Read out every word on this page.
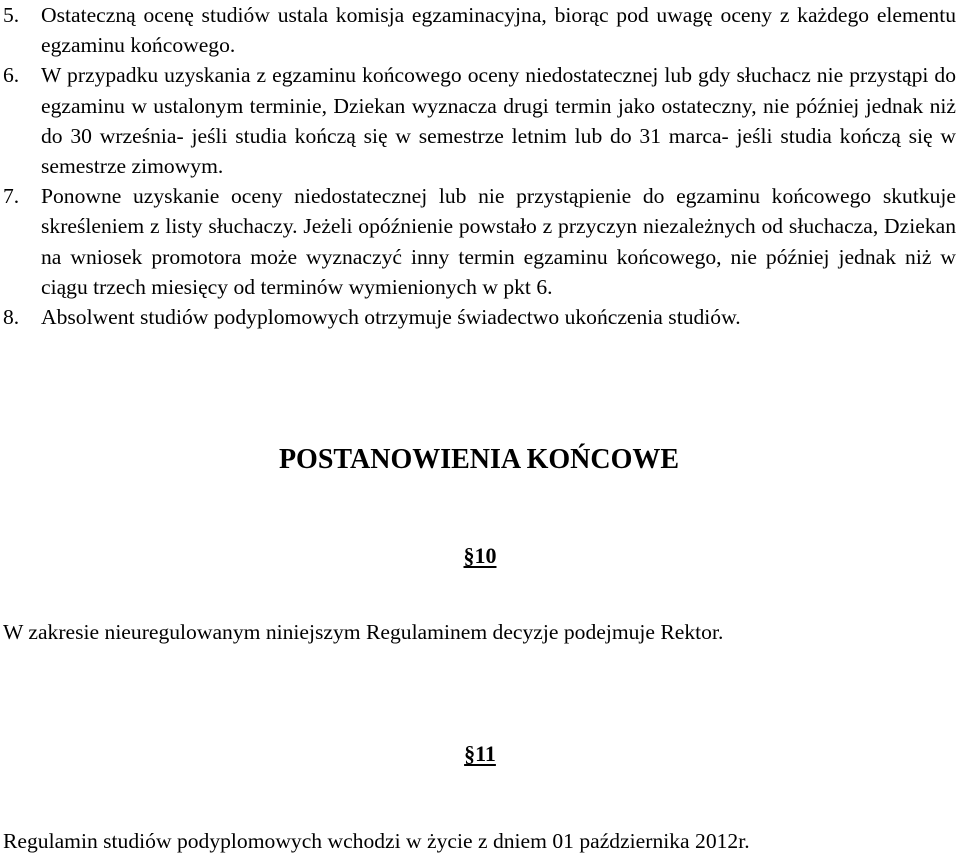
5.	Ostateczną ocenę studiów ustala komisja egzaminacyjna, biorąc pod uwagę oceny z każdego elementu egzaminu końcowego.
6.	W przypadku uzyskania z egzaminu końcowego oceny niedostatecznej lub gdy słuchacz nie przystąpi do egzaminu w ustalonym terminie, Dziekan wyznacza drugi termin jako ostateczny, nie później jednak niż do 30 września- jeśli studia kończą się w semestrze letnim lub do 31 marca- jeśli studia kończą się w semestrze zimowym.
7.	Ponowne uzyskanie oceny niedostatecznej lub nie przystąpienie do egzaminu końcowego skutkuje skreśleniem z listy słuchaczy. Jeżeli opóźnienie powstało z przyczyn niezależnych od słuchacza, Dziekan na wniosek promotora może wyznaczyć inny termin egzaminu końcowego, nie później jednak niż w ciągu trzech miesięcy od terminów wymienionych w pkt 6.
8.	Absolwent studiów podyplomowych otrzymuje świadectwo ukończenia studiów.
POSTANOWIENIA KOŃCOWE
§10
W zakresie nieuregulowanym niniejszym Regulaminem decyzje podejmuje Rektor.
§11
Regulamin studiów podyplomowych wchodzi w życie z dniem 01 października 2012r.
